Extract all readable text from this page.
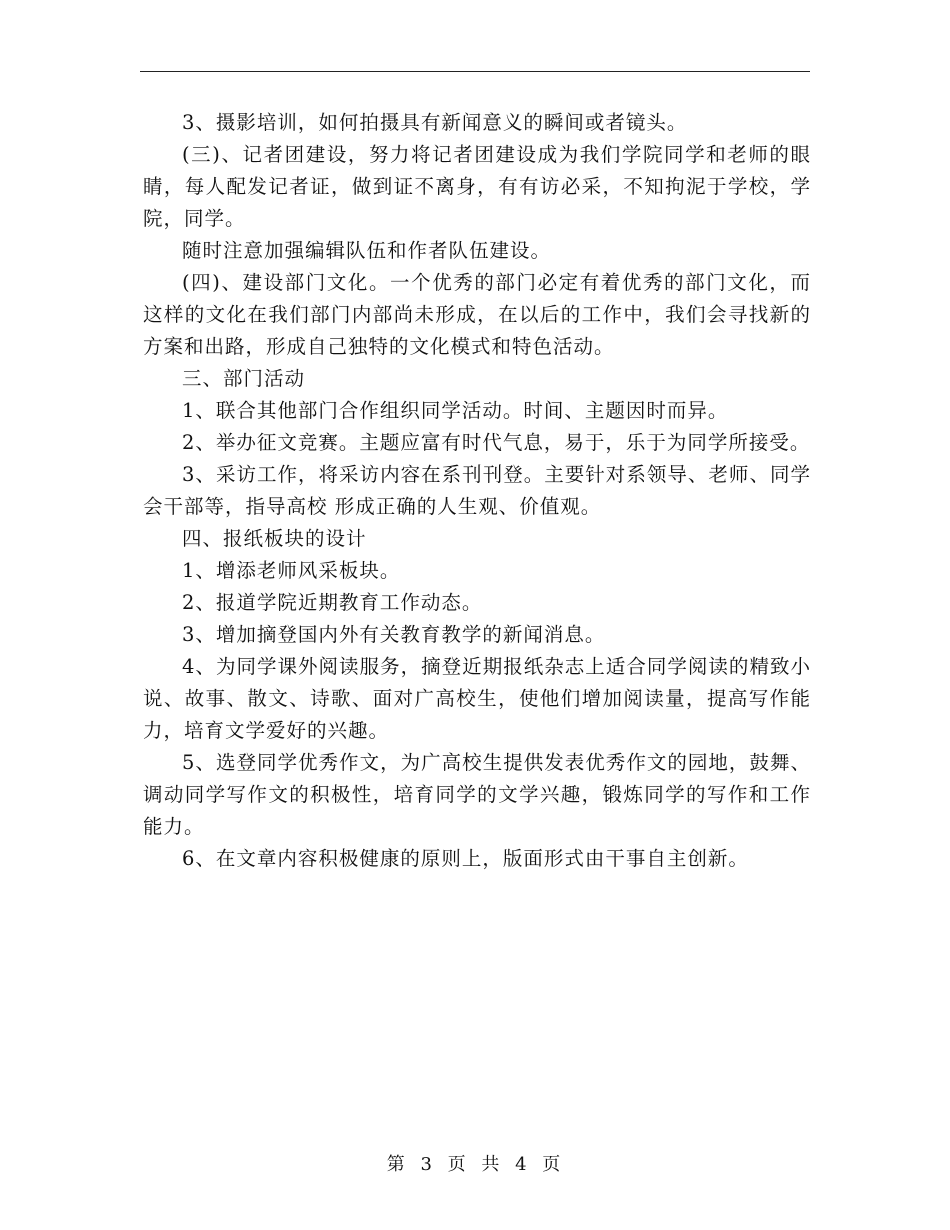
3、摄影培训，如何拍摄具有新闻意义的瞬间或者镜头。

(三)、记者团建设，努力将记者团建设成为我们学院同学和老师的眼睛，每人配发记者证，做到证不离身，有有访必采，不知拘泥于学校，学院，同学。

随时注意加强编辑队伍和作者队伍建设。

(四)、建设部门文化。一个优秀的部门必定有着优秀的部门文化，而这样的文化在我们部门内部尚未形成，在以后的工作中，我们会寻找新的方案和出路，形成自己独特的文化模式和特色活动。

三、部门活动

1、联合其他部门合作组织同学活动。时间、主题因时而异。

2、举办征文竞赛。主题应富有时代气息，易于，乐于为同学所接受。

3、采访工作，将采访内容在系刊刊登。主要针对系领导、老师、同学会干部等，指导高校 形成正确的人生观、价值观。

四、报纸板块的设计

1、增添老师风采板块。

2、报道学院近期教育工作动态。

3、增加摘登国内外有关教育教学的新闻消息。

4、为同学课外阅读服务，摘登近期报纸杂志上适合同学阅读的精致小说、故事、散文、诗歌、面对广高校生，使他们增加阅读量，提高写作能力，培育文学爱好的兴趣。

5、选登同学优秀作文，为广高校生提供发表优秀作文的园地，鼓舞、调动同学写作文的积极性，培育同学的文学兴趣，锻炼同学的写作和工作能力。

6、在文章内容积极健康的原则上，版面形式由干事自主创新。

第 3 页 共 4 页
